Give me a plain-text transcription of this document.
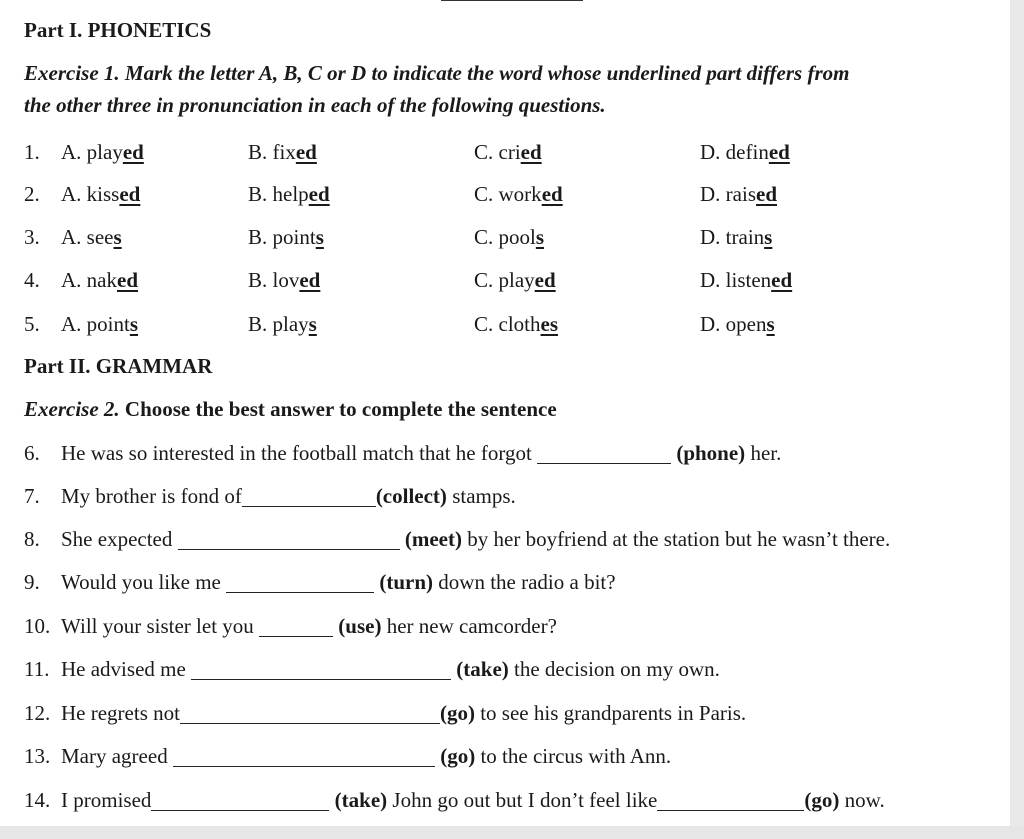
Part I. PHONETICS
Exercise 1. Mark the letter A, B, C or D to indicate the word whose underlined part differs from
the other three in pronunciation in each of the following questions.
1. A. played	B. fixed	C. cried	D. defined
2. A. kissed	B. helped	C. worked	D. raised
3. A. sees	B. points	C. pools	D. trains
4. A. naked	B. loved	C. played	D. listened
5. A. points	B. plays	C. clothes	D. opens
Part II. GRAMMAR
Exercise 2. Choose the best answer to complete the sentence
6. He was so interested in the football match that he forgot	(phone) her.
7. My brother is fond of	(collect) stamps.
8. She expected	(meet) by her boyfriend at the station but he wasn’t there.
9. Would you like me	(turn) down the radio a bit?
10. Will your sister let you	(use) her new camcorder?
11. He advised me	(take) the decision on my own.
12. He regrets not	(go) to see his grandparents in Paris.
13. Mary agreed	(go) to the circus with Ann.
14. I promised	(take) John go out but I don’t feel like	(go) now.
